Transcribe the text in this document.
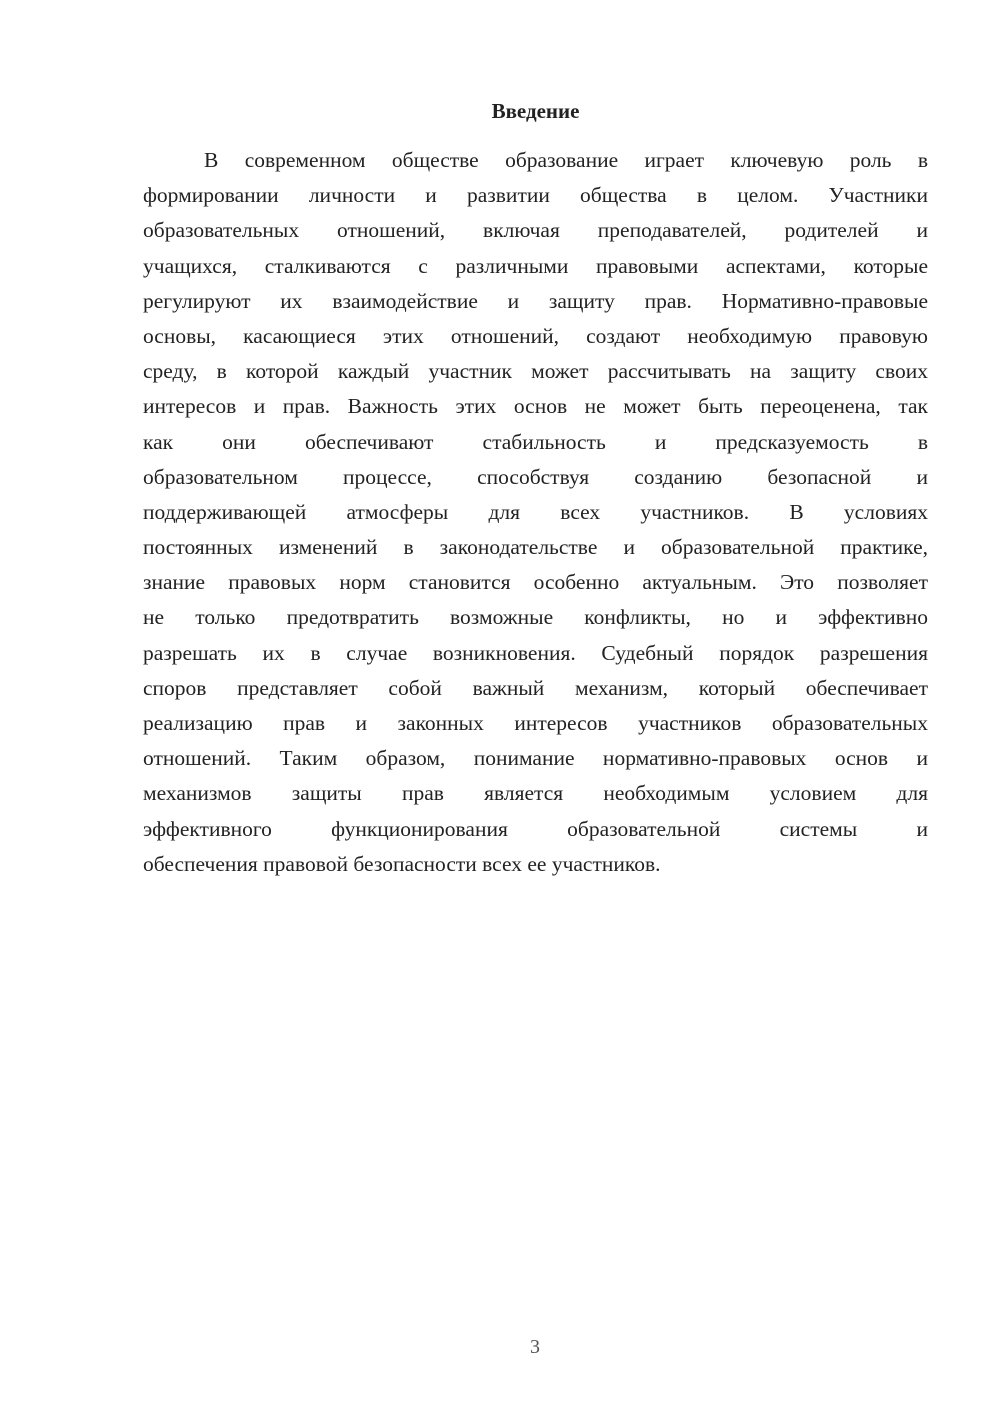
Введение
В современном обществе образование играет ключевую роль в
формировании личности и развитии общества в целом. Участники
образовательных отношений, включая преподавателей, родителей и
учащихся, сталкиваются с различными правовыми аспектами, которые
регулируют их взаимодействие и защиту прав. Нормативно-правовые
основы, касающиеся этих отношений, создают необходимую правовую
среду, в которой каждый участник может рассчитывать на защиту своих
интересов и прав. Важность этих основ не может быть переоценена, так
как они обеспечивают стабильность и предсказуемость в
образовательном процессе, способствуя созданию безопасной и
поддерживающей атмосферы для всех участников. В условиях
постоянных изменений в законодательстве и образовательной практике,
знание правовых норм становится особенно актуальным. Это позволяет
не только предотвратить возможные конфликты, но и эффективно
разрешать их в случае возникновения. Судебный порядок разрешения
споров представляет собой важный механизм, который обеспечивает
реализацию прав и законных интересов участников образовательных
отношений. Таким образом, понимание нормативно-правовых основ и
механизмов защиты прав является необходимым условием для
эффективного функционирования образовательной системы и
обеспечения правовой безопасности всех ее участников.
3
